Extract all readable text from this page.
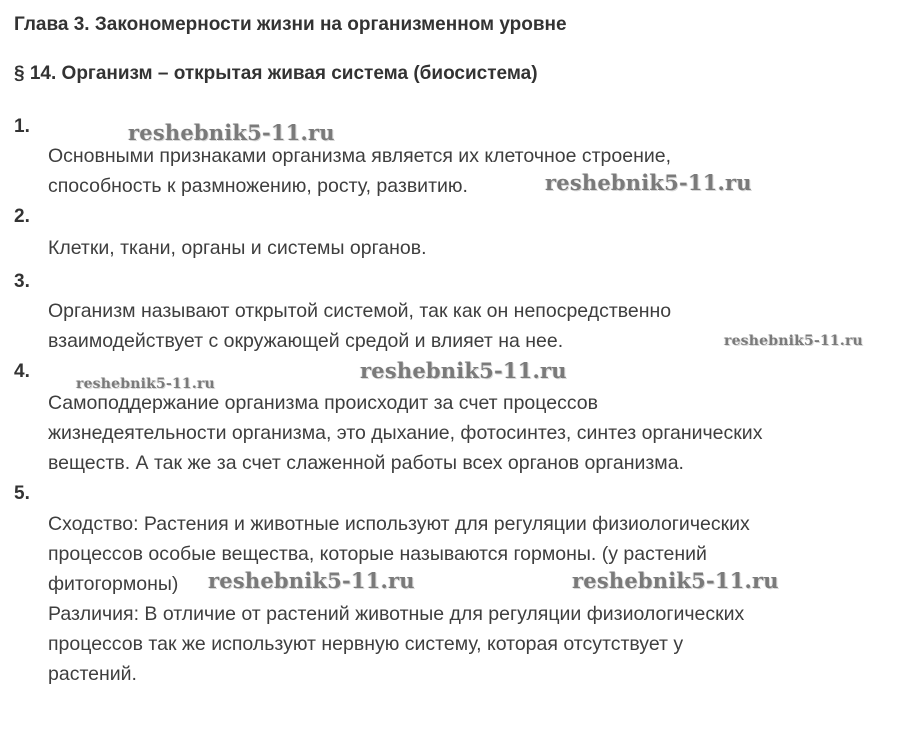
Глава 3. Закономерности жизни на организменном уровне
§ 14. Организм – открытая живая система (биосистема)
1.
Основными признаками организма является их клеточное строение,
способность к размножению, росту, развитию.
2.
Клетки, ткани, органы и системы органов.
3.
Организм называют открытой системой, так как он непосредственно
взаимодействует с окружающей средой и влияет на нее.
4.
Самоподдержание организма происходит за счет процессов
жизнедеятельности организма, это дыхание, фотосинтез, синтез органических
веществ. А так же за счет слаженной работы всех органов организма.
5.
Сходство: Растения и животные используют для регуляции физиологических
процессов особые вещества, которые называются гормоны. (у растений
фитогормоны)
Различия: В отличие от растений животные для регуляции физиологических
процессов так же используют нервную систему, которая отсутствует у
растений.
reshebnik5-11.ru
reshebnik5-11.ru
reshebnik5-11.ru
reshebnik5-11.ru
reshebnik5-11.ru
reshebnik5-11.ru	reshebnik5-11.ru
